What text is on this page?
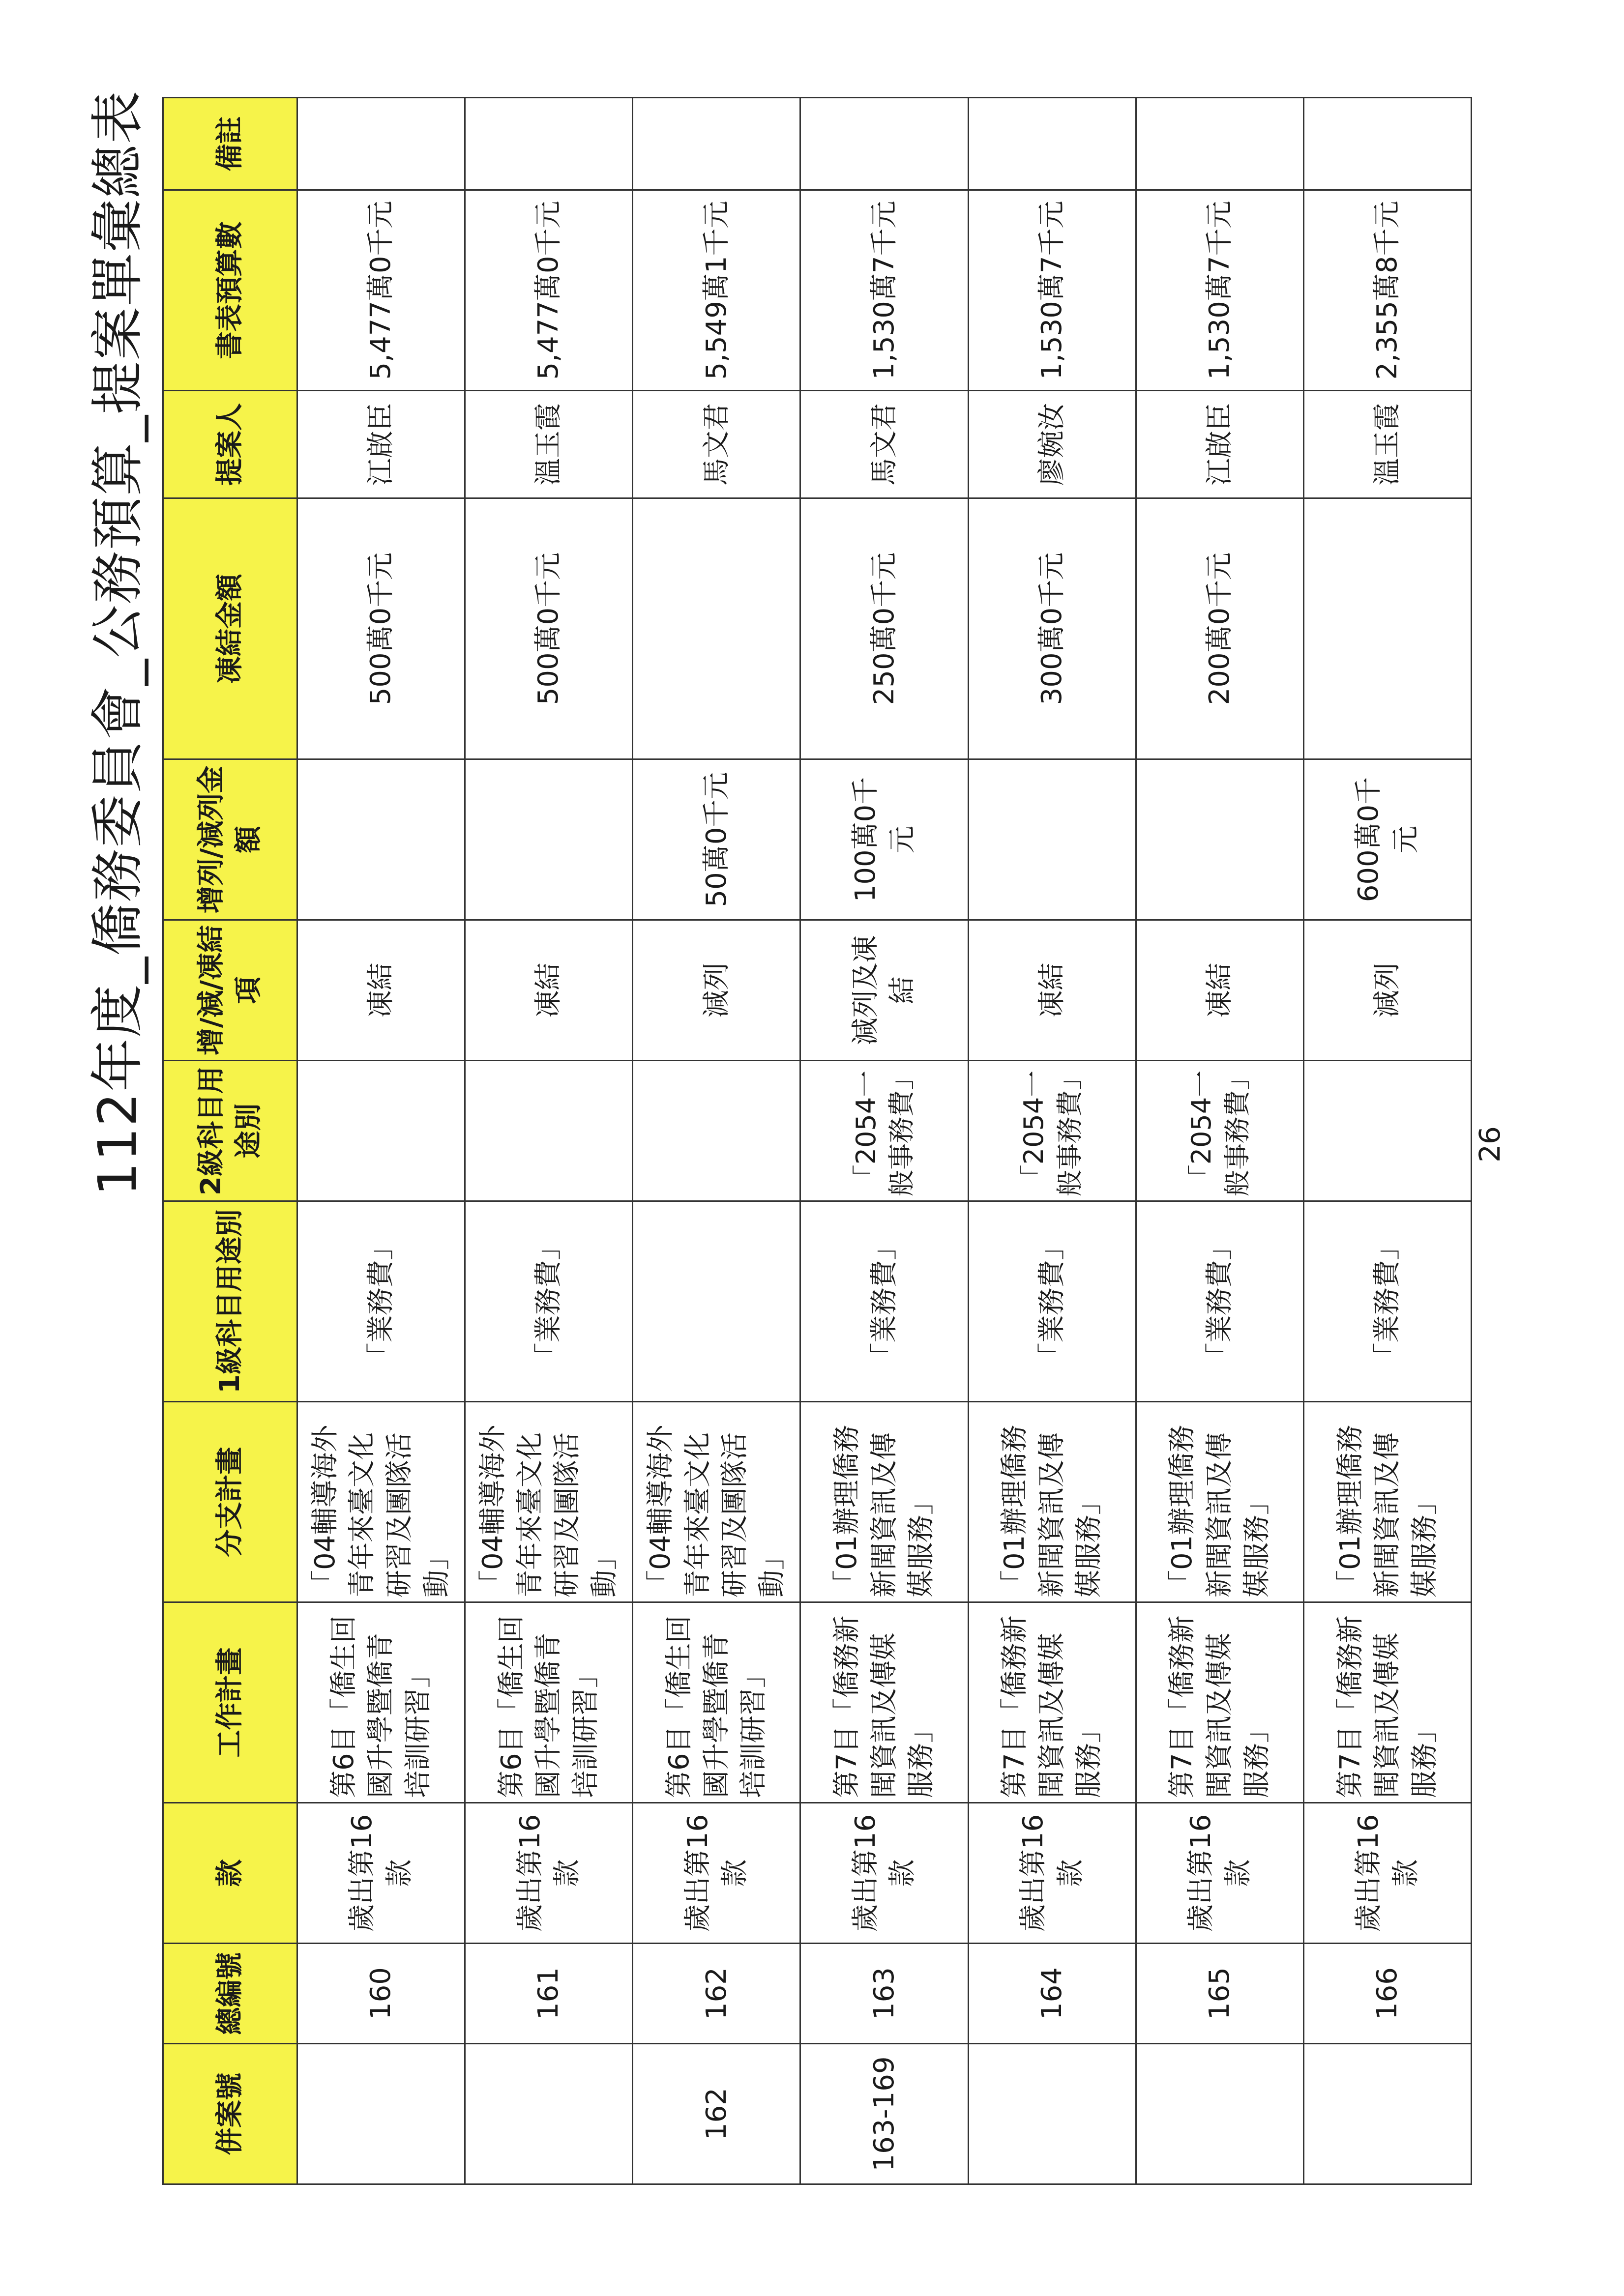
112年度_僑務委員會_公務預算_提案單彙總表
併案號	總編號	款	工作計畫	分支計畫	1級科目用途別	2級科目用途別	增/減/凍結項	增列/減列金額	凍結金額	提案人	書表預算數	備註
	160	歲出第16款	第6目「僑生回國升學暨僑青培訓研習」	「04輔導海外青年來臺文化研習及團隊活動」	「業務費」		凍結		500萬0千元	江啟臣	5,477萬0千元	
	161	歲出第16款	第6目「僑生回國升學暨僑青培訓研習」	「04輔導海外青年來臺文化研習及團隊活動」	「業務費」		凍結		500萬0千元	溫玉霞	5,477萬0千元	
162	162	歲出第16款	第6目「僑生回國升學暨僑青培訓研習」	「04輔導海外青年來臺文化研習及團隊活動」			減列	50萬0千元		馬文君	5,549萬1千元	
163-169	163	歲出第16款	第7目「僑務新聞資訊及傳媒服務」	「01辦理僑務新聞資訊及傳媒服務」	「業務費」	「2054一般事務費」	減列及凍結	100萬0千元	250萬0千元	馬文君	1,530萬7千元	
	164	歲出第16款	第7目「僑務新聞資訊及傳媒服務」	「01辦理僑務新聞資訊及傳媒服務」	「業務費」	「2054一般事務費」	凍結		300萬0千元	廖婉汝	1,530萬7千元	
	165	歲出第16款	第7目「僑務新聞資訊及傳媒服務」	「01辦理僑務新聞資訊及傳媒服務」	「業務費」	「2054一般事務費」	凍結		200萬0千元	江啟臣	1,530萬7千元	
	166	歲出第16款	第7目「僑務新聞資訊及傳媒服務」	「01辦理僑務新聞資訊及傳媒服務」	「業務費」		減列	600萬0千元		溫玉霞	2,355萬8千元	
26
